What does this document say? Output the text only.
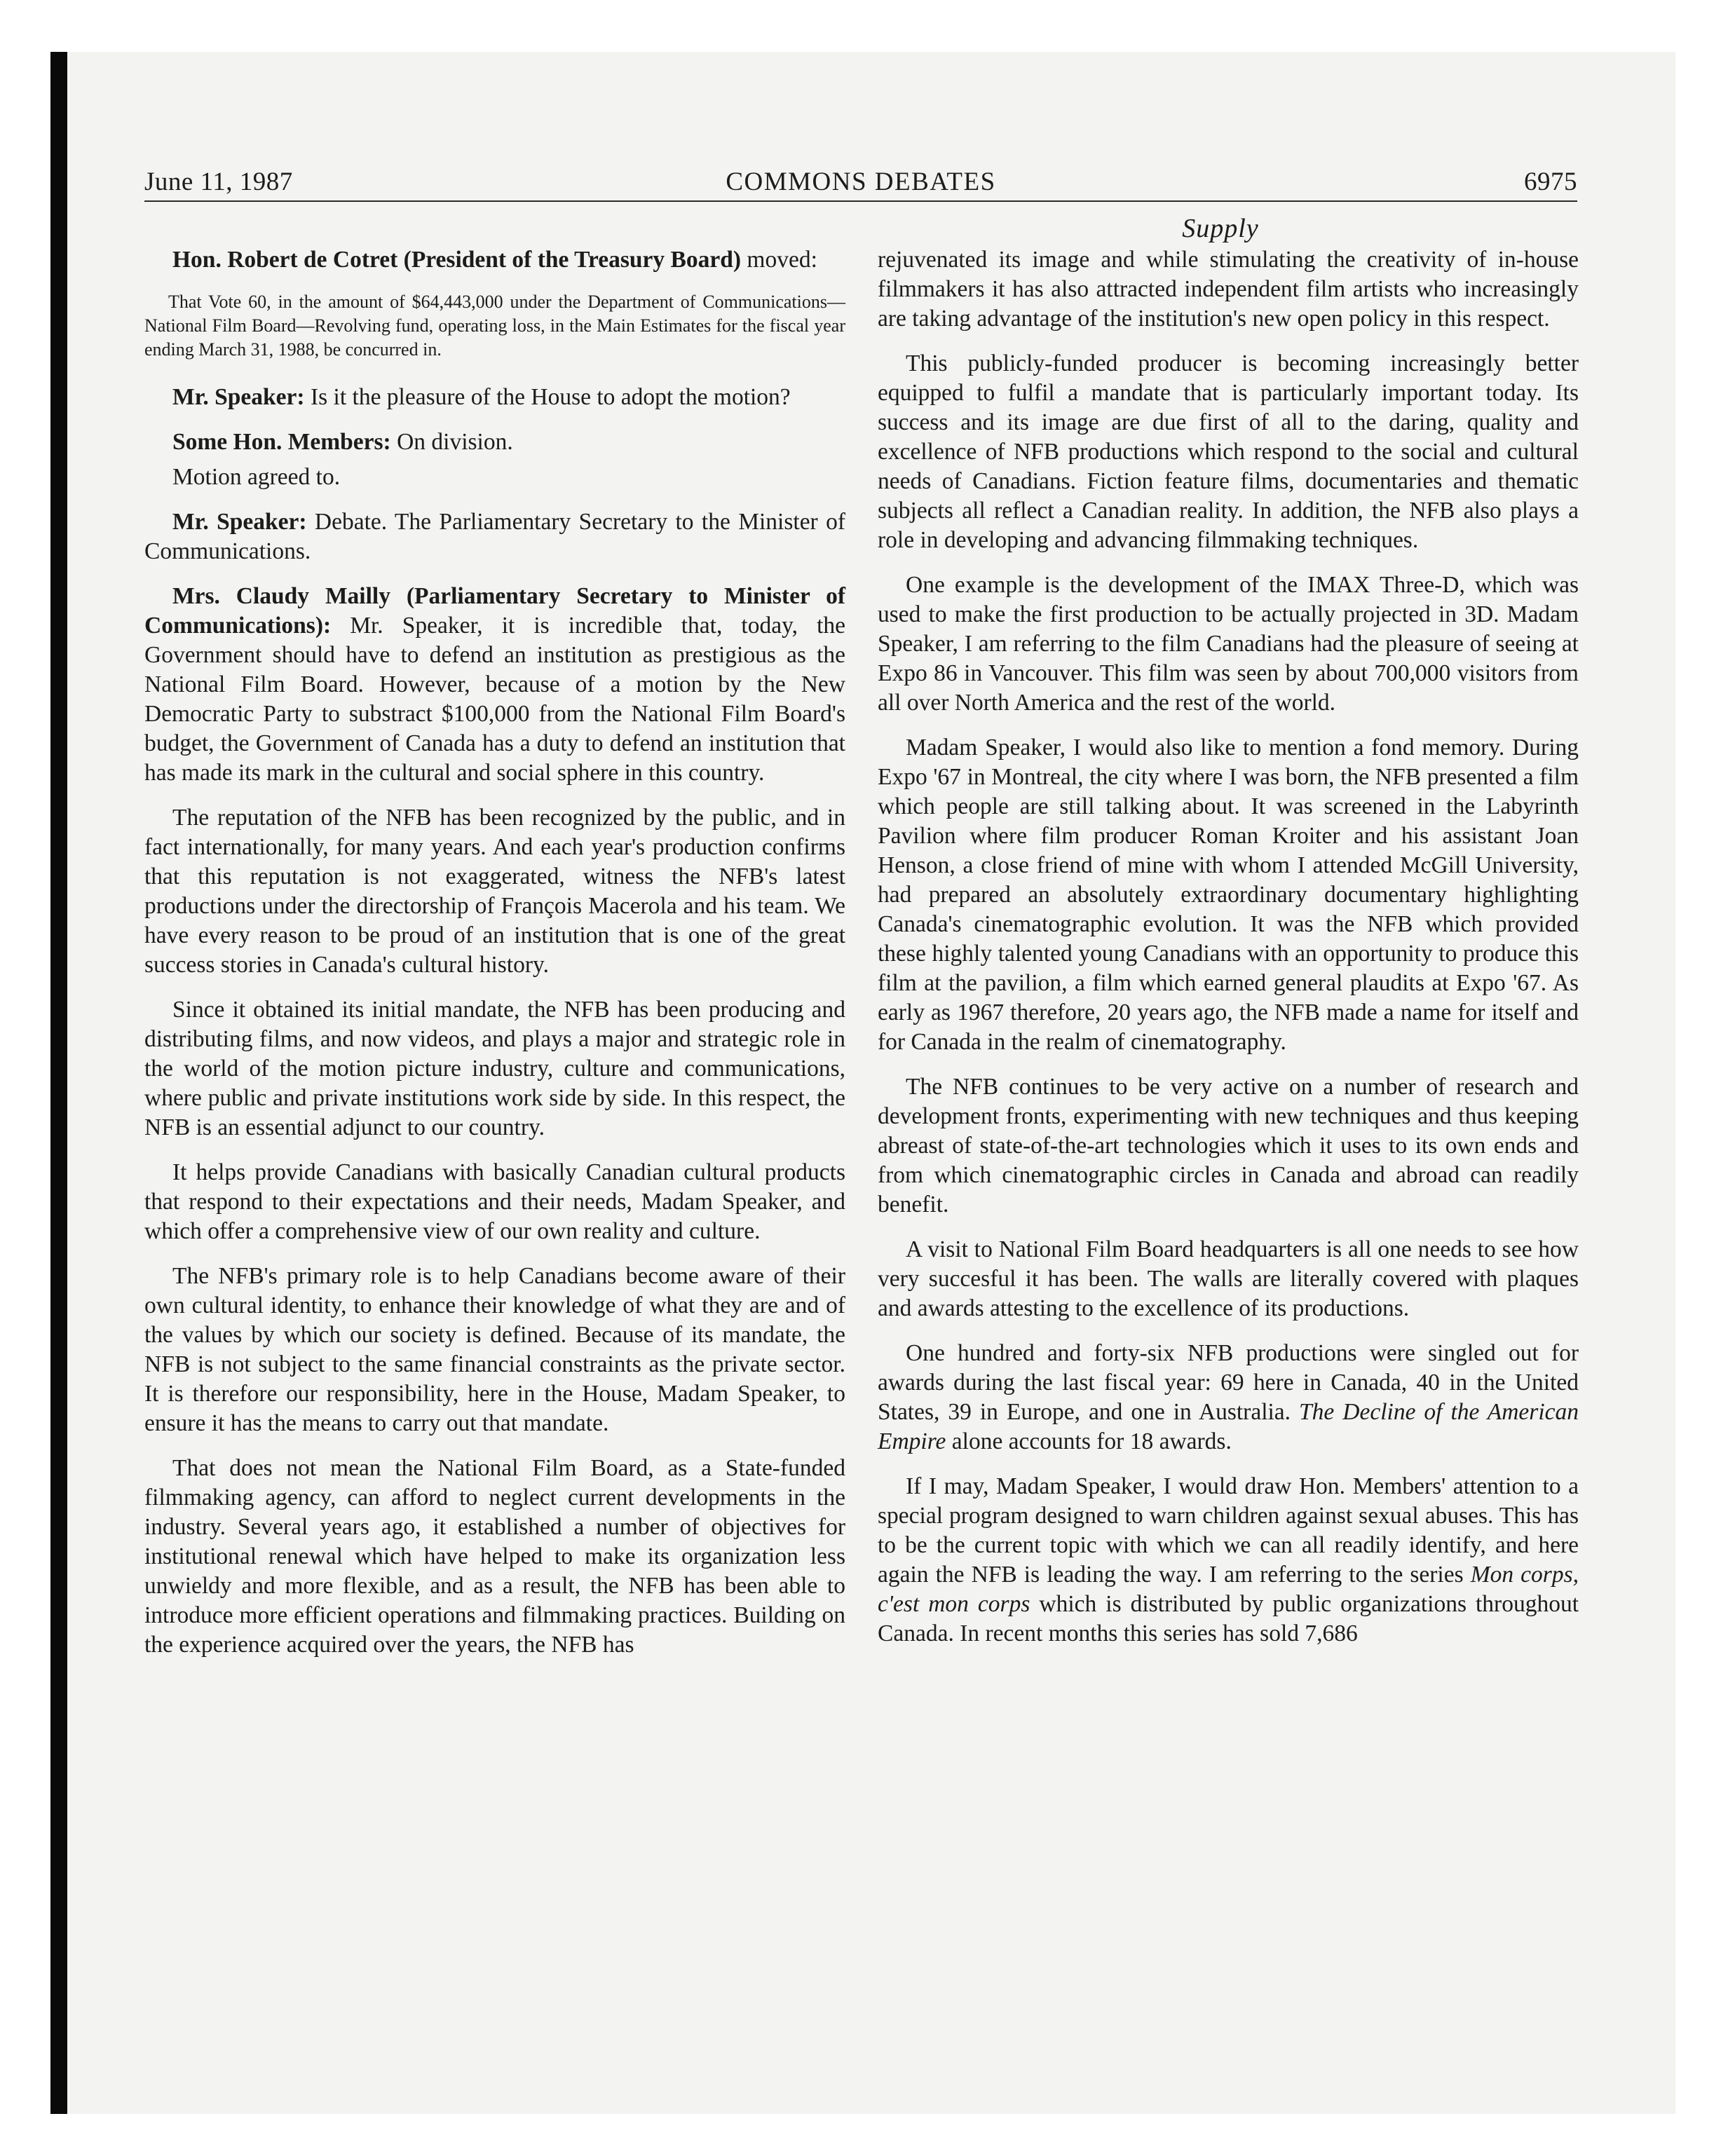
June 11, 1987	COMMONS DEBATES	6975
Supply

Hon. Robert de Cotret (President of the Treasury Board) moved:

That Vote 60, in the amount of $64,443,000 under the Department of Communications—National Film Board—Revolving fund, operating loss, in the Main Estimates for the fiscal year ending March 31, 1988, be concurred in.

Mr. Speaker: Is it the pleasure of the House to adopt the motion?

Some Hon. Members: On division.

Motion agreed to.

Mr. Speaker: Debate. The Parliamentary Secretary to the Minister of Communications.

Mrs. Claudy Mailly (Parliamentary Secretary to Minister of Communications): Mr. Speaker, it is incredible that, today, the Government should have to defend an institution as prestigious as the National Film Board. However, because of a motion by the New Democratic Party to substract $100,000 from the National Film Board's budget, the Government of Canada has a duty to defend an institution that has made its mark in the cultural and social sphere in this country.

The reputation of the NFB has been recognized by the public, and in fact internationally, for many years. And each year's production confirms that this reputation is not exaggerated, witness the NFB's latest productions under the directorship of François Macerola and his team. We have every reason to be proud of an institution that is one of the great success stories in Canada's cultural history.

Since it obtained its initial mandate, the NFB has been producing and distributing films, and now videos, and plays a major and strategic role in the world of the motion picture industry, culture and communications, where public and private institutions work side by side. In this respect, the NFB is an essential adjunct to our country.

It helps provide Canadians with basically Canadian cultural products that respond to their expectations and their needs, Madam Speaker, and which offer a comprehensive view of our own reality and culture.

The NFB's primary role is to help Canadians become aware of their own cultural identity, to enhance their knowledge of what they are and of the values by which our society is defined. Because of its mandate, the NFB is not subject to the same financial constraints as the private sector. It is therefore our responsibility, here in the House, Madam Speaker, to ensure it has the means to carry out that mandate.

That does not mean the National Film Board, as a State-funded filmmaking agency, can afford to neglect current developments in the industry. Several years ago, it established a number of objectives for institutional renewal which have helped to make its organization less unwieldy and more flexible, and as a result, the NFB has been able to introduce more efficient operations and filmmaking practices. Building on the experience acquired over the years, the NFB has

rejuvenated its image and while stimulating the creativity of in-house filmmakers it has also attracted independent film artists who increasingly are taking advantage of the institution's new open policy in this respect.

This publicly-funded producer is becoming increasingly better equipped to fulfil a mandate that is particularly important today. Its success and its image are due first of all to the daring, quality and excellence of NFB productions which respond to the social and cultural needs of Canadians. Fiction feature films, documentaries and thematic subjects all reflect a Canadian reality. In addition, the NFB also plays a role in developing and advancing filmmaking techniques.

One example is the development of the IMAX Three-D, which was used to make the first production to be actually projected in 3D. Madam Speaker, I am referring to the film Canadians had the pleasure of seeing at Expo 86 in Vancouver. This film was seen by about 700,000 visitors from all over North America and the rest of the world.

Madam Speaker, I would also like to mention a fond memory. During Expo '67 in Montreal, the city where I was born, the NFB presented a film which people are still talking about. It was screened in the Labyrinth Pavilion where film producer Roman Kroiter and his assistant Joan Henson, a close friend of mine with whom I attended McGill University, had prepared an absolutely extraordinary documentary highlighting Canada's cinematographic evolution. It was the NFB which provided these highly talented young Canadians with an opportunity to produce this film at the pavilion, a film which earned general plaudits at Expo '67. As early as 1967 therefore, 20 years ago, the NFB made a name for itself and for Canada in the realm of cinematography.

The NFB continues to be very active on a number of research and development fronts, experimenting with new techniques and thus keeping abreast of state-of-the-art technologies which it uses to its own ends and from which cinematographic circles in Canada and abroad can readily benefit.

A visit to National Film Board headquarters is all one needs to see how very succesful it has been. The walls are literally covered with plaques and awards attesting to the excellence of its productions.

One hundred and forty-six NFB productions were singled out for awards during the last fiscal year: 69 here in Canada, 40 in the United States, 39 in Europe, and one in Australia. The Decline of the American Empire alone accounts for 18 awards.

If I may, Madam Speaker, I would draw Hon. Members' attention to a special program designed to warn children against sexual abuses. This has to be the current topic with which we can all readily identify, and here again the NFB is leading the way. I am referring to the series Mon corps, c'est mon corps which is distributed by public organizations throughout Canada. In recent months this series has sold 7,686
